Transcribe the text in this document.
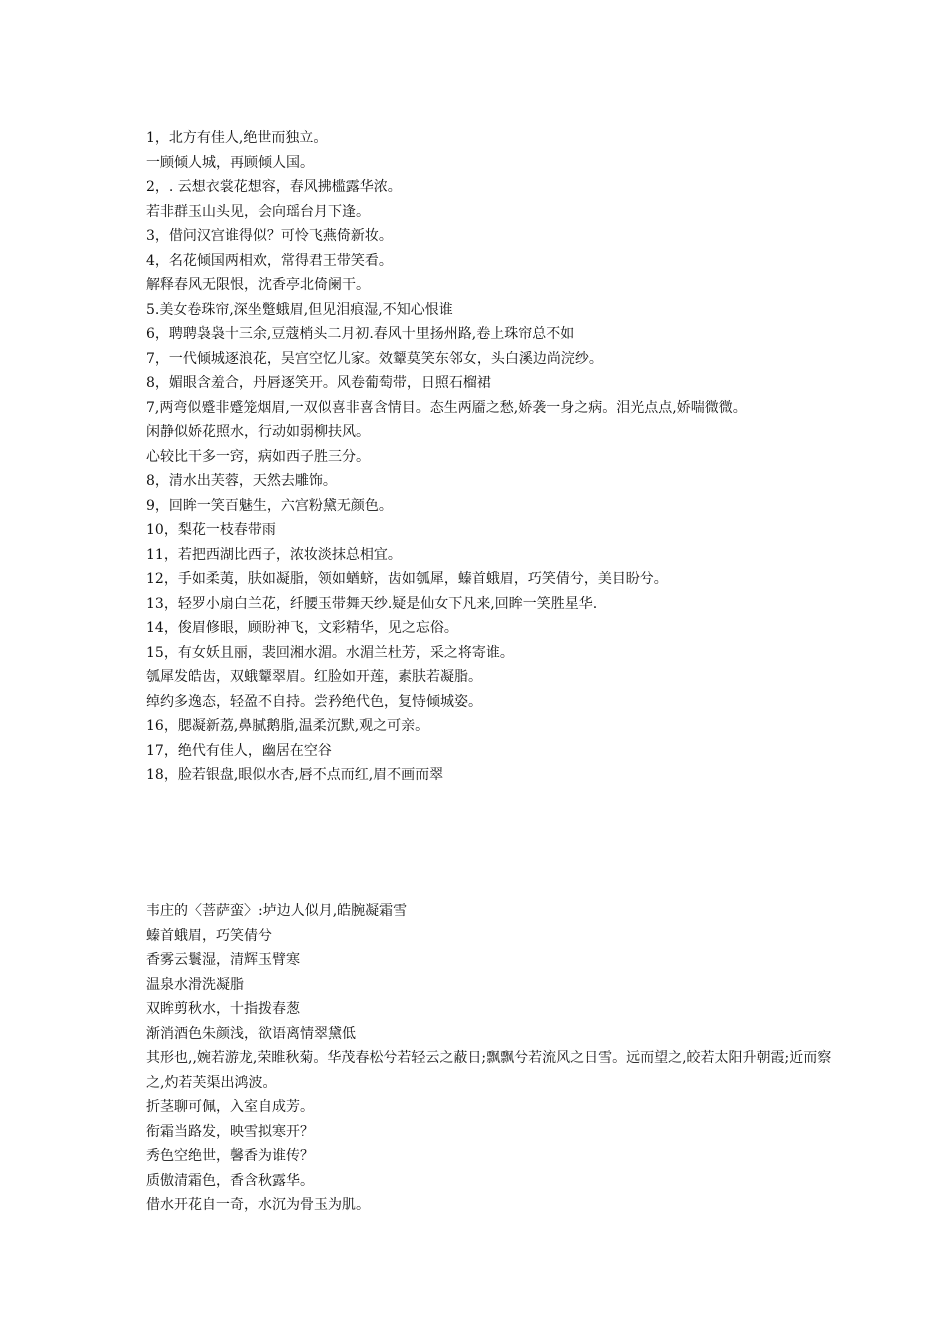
1，北方有佳人,绝世而独立。

一顾倾人城，再顾倾人国。

2，. 云想衣裳花想容，春风拂槛露华浓。

若非群玉山头见，会向瑶台月下逢。

3，借问汉宫谁得似？可怜飞燕倚新妆。

4，名花倾国两相欢，常得君王带笑看。

解释春风无限恨，沈香亭北倚阑干。

5.美女卷珠帘,深坐蹩蛾眉,但见泪痕湿,不知心恨谁

6，聘聘袅袅十三余,豆蔻梢头二月初.春风十里扬州路,卷上珠帘总不如

7，一代倾城逐浪花，吴宫空忆儿家。效颦莫笑东邻女，头白溪边尚浣纱。

8，媚眼含羞合，丹唇逐笑开。风卷葡萄带，日照石榴裙

7,两弯似蹙非蹙笼烟眉,一双似喜非喜含情目。态生两靥之愁,娇袭一身之病。泪光点点,娇喘微微。

闲静似娇花照水，行动如弱柳扶风。

心较比干多一窍，病如西子胜三分。

8，清水出芙蓉，天然去雕饰。

9，回眸一笑百魅生，六宫粉黛无颜色。

10，梨花一枝春带雨

11，若把西湖比西子，浓妆淡抹总相宜。

12，手如柔荑，肤如凝脂，领如蝤蛴，齿如瓠犀，螓首蛾眉，巧笑倩兮，美目盼兮。

13，轻罗小扇白兰花，纤腰玉带舞天纱.疑是仙女下凡来,回眸一笑胜星华.

14，俊眉修眼，顾盼神飞，文彩精华，见之忘俗。

15，有女妖且丽，裴回湘水湄。水湄兰杜芳，采之将寄谁。

瓠犀发皓齿，双蛾颦翠眉。红脸如开莲，素肤若凝脂。

绰约多逸态，轻盈不自持。尝矜绝代色，复恃倾城姿。

16，腮凝新荔,鼻腻鹅脂,温柔沉默,观之可亲。

17，绝代有佳人，幽居在空谷

18，脸若银盘,眼似水杏,唇不点而红,眉不画而翠

韦庄的〈菩萨蛮〉:垆边人似月,皓腕凝霜雪

螓首蛾眉，巧笑倩兮

香雾云鬟湿，清辉玉臂寒

温泉水滑洗凝脂

双眸剪秋水，十指拨春葱

渐消酒色朱颜浅，欲语离情翠黛低

其形也,,婉若游龙,荣睢秋菊。华茂春松兮若轻云之蔽日;飘飘兮若流风之日雪。远而望之,皎若太阳升朝霞;近而察之,灼若芙渠出鸿波。

折茎聊可佩，入室自成芳。

衔霜当路发，映雪拟寒开？

秀色空绝世，馨香为谁传？

质傲清霜色，香含秋露华。

借水开花自一奇，水沉为骨玉为肌。
